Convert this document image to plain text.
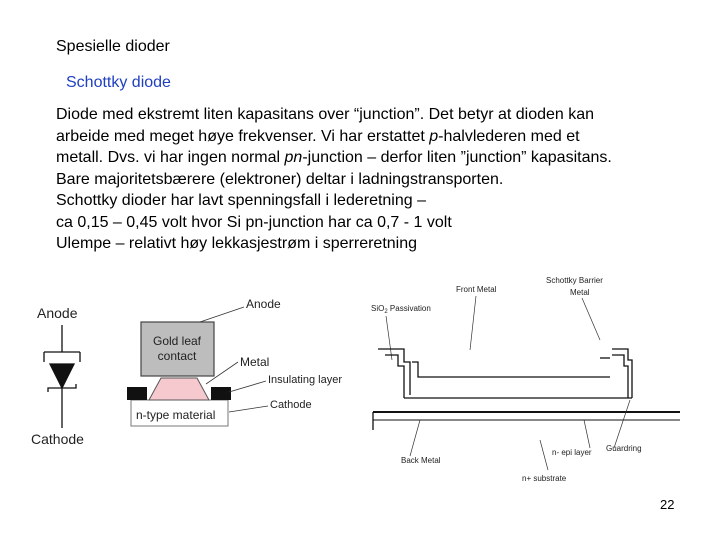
Spesielle dioder
Schottky diode
Diode med ekstremt liten kapasitans over “junction”. Det betyr at dioden kan
arbeide med meget høye frekvenser. Vi har erstattet p-halvlederen med et
metall. Dvs. vi har ingen normal pn-junction – derfor liten ”junction” kapasitans.
Bare majoritetsbærere (elektroner) deltar i ladningstransporten.
Schottky dioder har lavt spenningsfall i lederetning –
ca 0,15 – 0,45 volt hvor Si pn-junction har ca 0,7 - 1 volt
Ulempe – relativt høy lekkasjestrøm i sperreretning
Anode
Cathode
Gold leaf
contact
n-type material
Anode
Metal
Insulating layer
Cathode
SiO$_2$ Passivation
Front Metal
Schottky Barrier
Metal
Back Metal
n- epi layer Guardring
n+ substrate
22
